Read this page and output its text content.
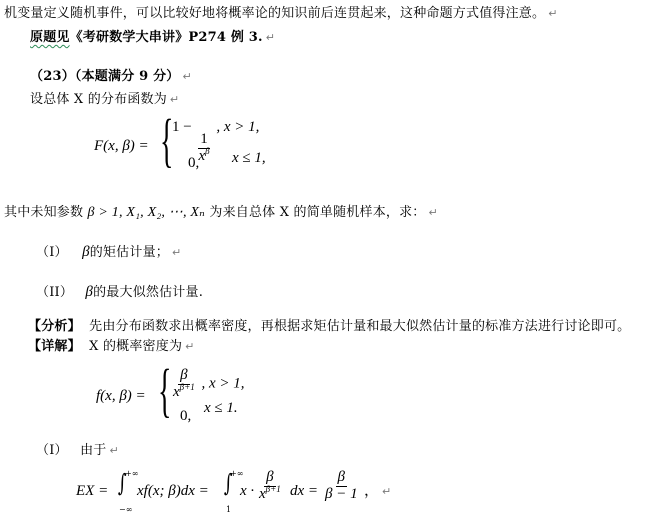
机变量定义随机事件，可以比较好地将概率论的知识前后连贯起来，这种命题方式值得注意。 ↵
原题见《考研数学大串讲》P274 例 3. ↵
（23）（本题满分 9 分） ↵
设总体 X 的分布函数为 ↵
F(x, β) = {
1 −
$\frac{1}{x^\beta}$
, x > 1,
0, x ≤ 1,
其中未知参数 β > 1, X₁, X₂, ⋯, Xₙ 为来自总体 X 的简单随机样本，求： ↵
（I） β的矩估计量； ↵
（II） β的最大似然估计量.
【分析】 先由分布函数求出概率密度，再根据求矩估计量和最大似然估计量的标准方法进行讨论即可。
【详解】 X 的概率密度为 ↵
f(x, β) = { $\frac{\beta}{x^{\beta+1}}$ , x > 1,
0, x ≤ 1.
（I） 由于 ↵
EX = ∫
+∞
−∞
xf(x; β)dx = ∫
+∞
1
$x \cdot \frac{\beta}{x^{\beta+1}}$ dx = $\frac{\beta}{\beta - 1}$ ， ↵
